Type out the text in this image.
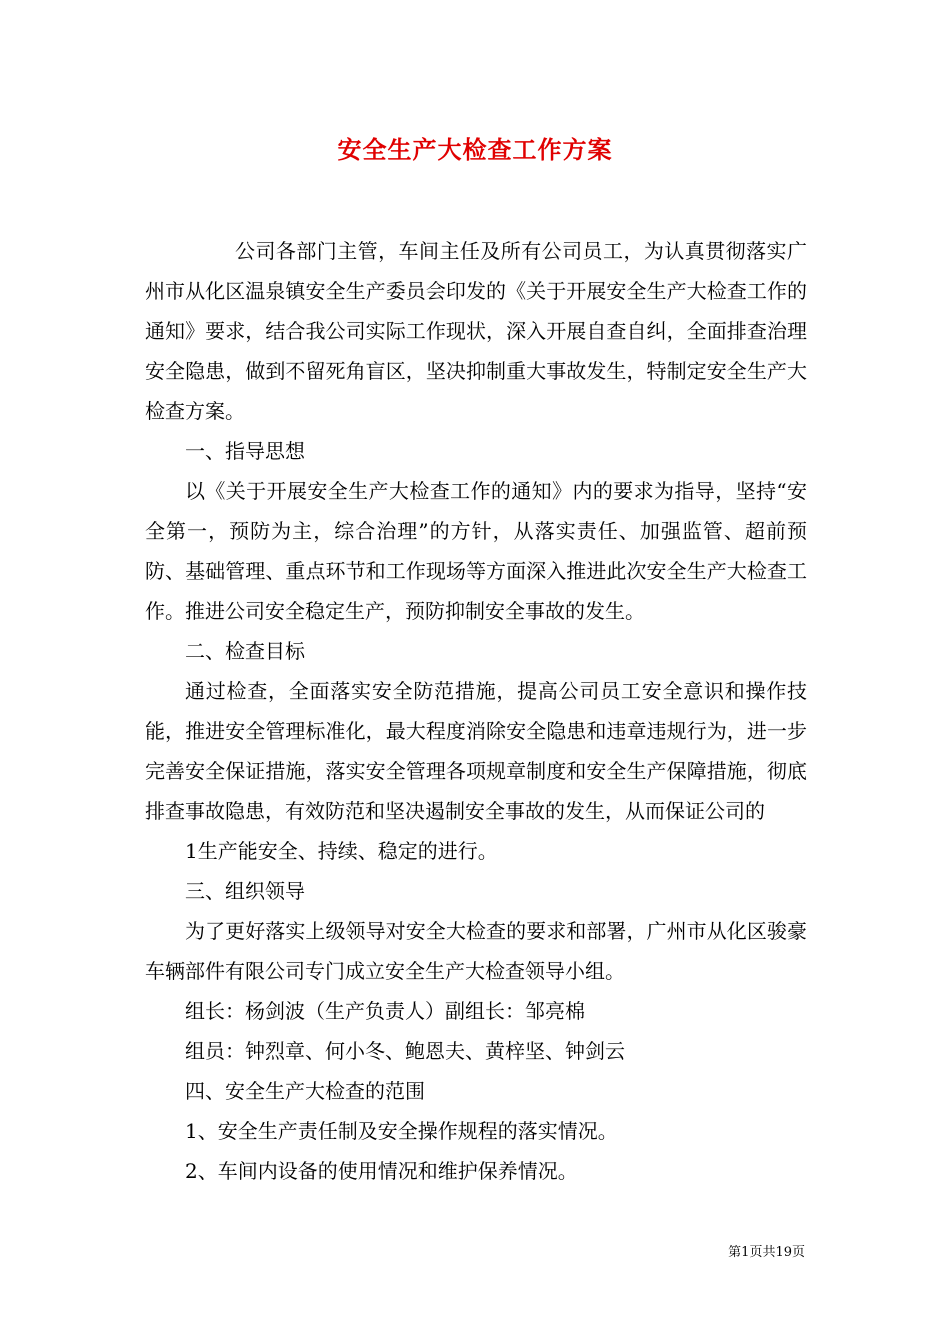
安全生产大检查工作方案

公司各部门主管，车间主任及所有公司员工，为认真贯彻落实广州市从化区温泉镇安全生产委员会印发的《关于开展安全生产大检查工作的通知》要求，结合我公司实际工作现状，深入开展自查自纠，全面排查治理安全隐患，做到不留死角盲区，坚决抑制重大事故发生，特制定安全生产大检查方案。

一、指导思想

以《关于开展安全生产大检查工作的通知》内的要求为指导，坚持“安全第一，预防为主，综合治理”的方针，从落实责任、加强监管、超前预防、基础管理、重点环节和工作现场等方面深入推进此次安全生产大检查工作。推进公司安全稳定生产，预防抑制安全事故的发生。

二、检查目标

通过检查，全面落实安全防范措施，提高公司员工安全意识和操作技能，推进安全管理标准化，最大程度消除安全隐患和违章违规行为，进一步完善安全保证措施，落实安全管理各项规章制度和安全生产保障措施，彻底排查事故隐患，有效防范和坚决遏制安全事故的发生，从而保证公司的

1生产能安全、持续、稳定的进行。

三、组织领导

为了更好落实上级领导对安全大检查的要求和部署，广州市从化区骏豪车辆部件有限公司专门成立安全生产大检查领导小组。

组长：杨剑波（生产负责人）副组长：邹亮棉

组员：钟烈章、何小冬、鲍恩夫、黄梓坚、钟剑云

四、安全生产大检查的范围

1、安全生产责任制及安全操作规程的落实情况。

2、车间内设备的使用情况和维护保养情况。

第1页共19页
